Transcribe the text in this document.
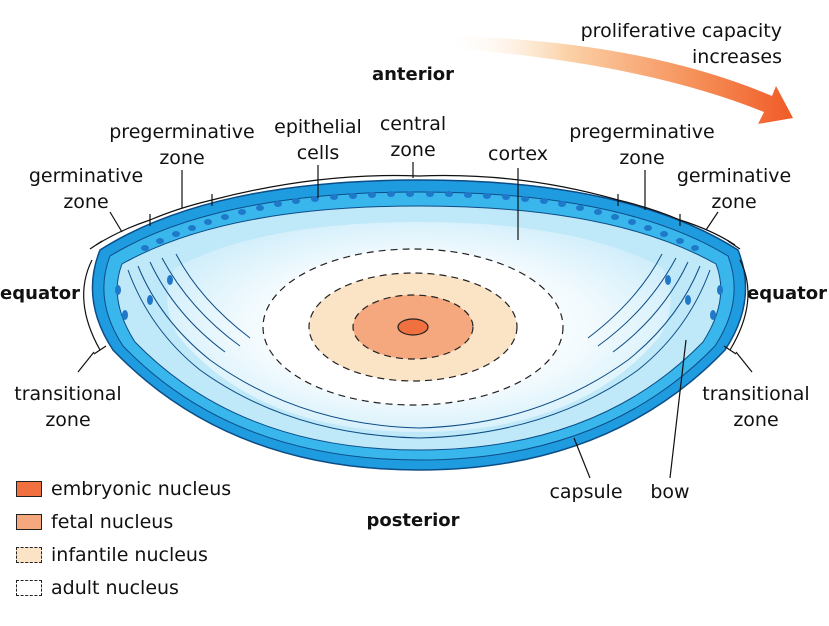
proliferative capacity
increases
anterior
posterior
equator	equator
pregerminative
zone
epithelial
cells
central
zone	cortex
pregerminative
zone
germinative
zone
germinative
zone
transitional
zone
transitional
zone
capsule bow
embryonic nucleus
fetal nucleus
infantile nucleus
adult nucleus
